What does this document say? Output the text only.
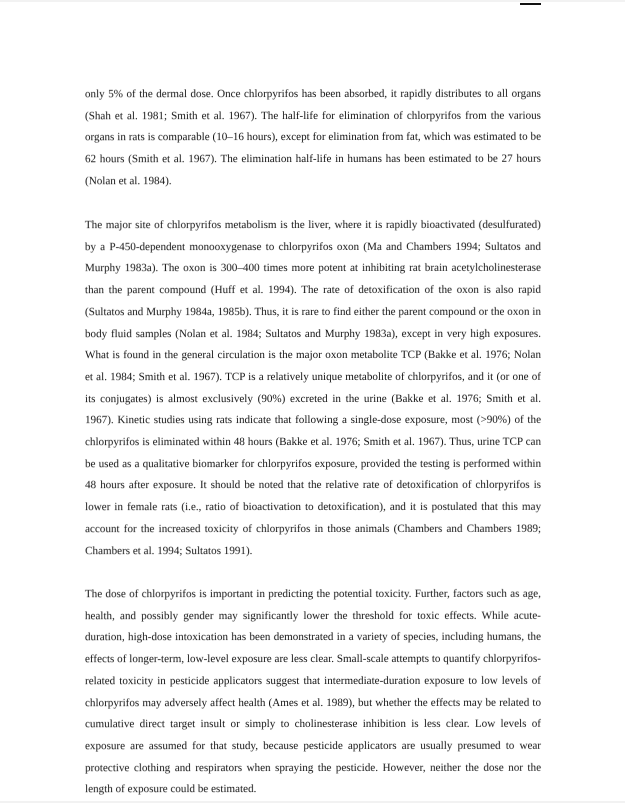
only 5% of the dermal dose. Once chlorpyrifos has been absorbed, it rapidly distributes to all organs (Shah et al. 1981; Smith et al. 1967). The half-life for elimination of chlorpyrifos from the various organs in rats is comparable (10–16 hours), except for elimination from fat, which was estimated to be 62 hours (Smith et al. 1967). The elimination half-life in humans has been estimated to be 27 hours (Nolan et al. 1984).

The major site of chlorpyrifos metabolism is the liver, where it is rapidly bioactivated (desulfurated) by a P-450-dependent monooxygenase to chlorpyrifos oxon (Ma and Chambers 1994; Sultatos and Murphy 1983a). The oxon is 300–400 times more potent at inhibiting rat brain acetylcholinesterase than the parent compound (Huff et al. 1994). The rate of detoxification of the oxon is also rapid (Sultatos and Murphy 1984a, 1985b). Thus, it is rare to find either the parent compound or the oxon in body fluid samples (Nolan et al. 1984; Sultatos and Murphy 1983a), except in very high exposures. What is found in the general circulation is the major oxon metabolite TCP (Bakke et al. 1976; Nolan et al. 1984; Smith et al. 1967). TCP is a relatively unique metabolite of chlorpyrifos, and it (or one of its conjugates) is almost exclusively (90%) excreted in the urine (Bakke et al. 1976; Smith et al. 1967). Kinetic studies using rats indicate that following a single-dose exposure, most (>90%) of the chlorpyrifos is eliminated within 48 hours (Bakke et al. 1976; Smith et al. 1967). Thus, urine TCP can be used as a qualitative biomarker for chlorpyrifos exposure, provided the testing is performed within 48 hours after exposure. It should be noted that the relative rate of detoxification of chlorpyrifos is lower in female rats (i.e., ratio of bioactivation to detoxification), and it is postulated that this may account for the increased toxicity of chlorpyrifos in those animals (Chambers and Chambers 1989; Chambers et al. 1994; Sultatos 1991).

The dose of chlorpyrifos is important in predicting the potential toxicity. Further, factors such as age, health, and possibly gender may significantly lower the threshold for toxic effects. While acute-duration, high-dose intoxication has been demonstrated in a variety of species, including humans, the effects of longer-term, low-level exposure are less clear. Small-scale attempts to quantify chlorpyrifos-related toxicity in pesticide applicators suggest that intermediate-duration exposure to low levels of chlorpyrifos may adversely affect health (Ames et al. 1989), but whether the effects may be related to cumulative direct target insult or simply to cholinesterase inhibition is less clear. Low levels of exposure are assumed for that study, because pesticide applicators are usually presumed to wear protective clothing and respirators when spraying the pesticide. However, neither the dose nor the length of exposure could be estimated.
